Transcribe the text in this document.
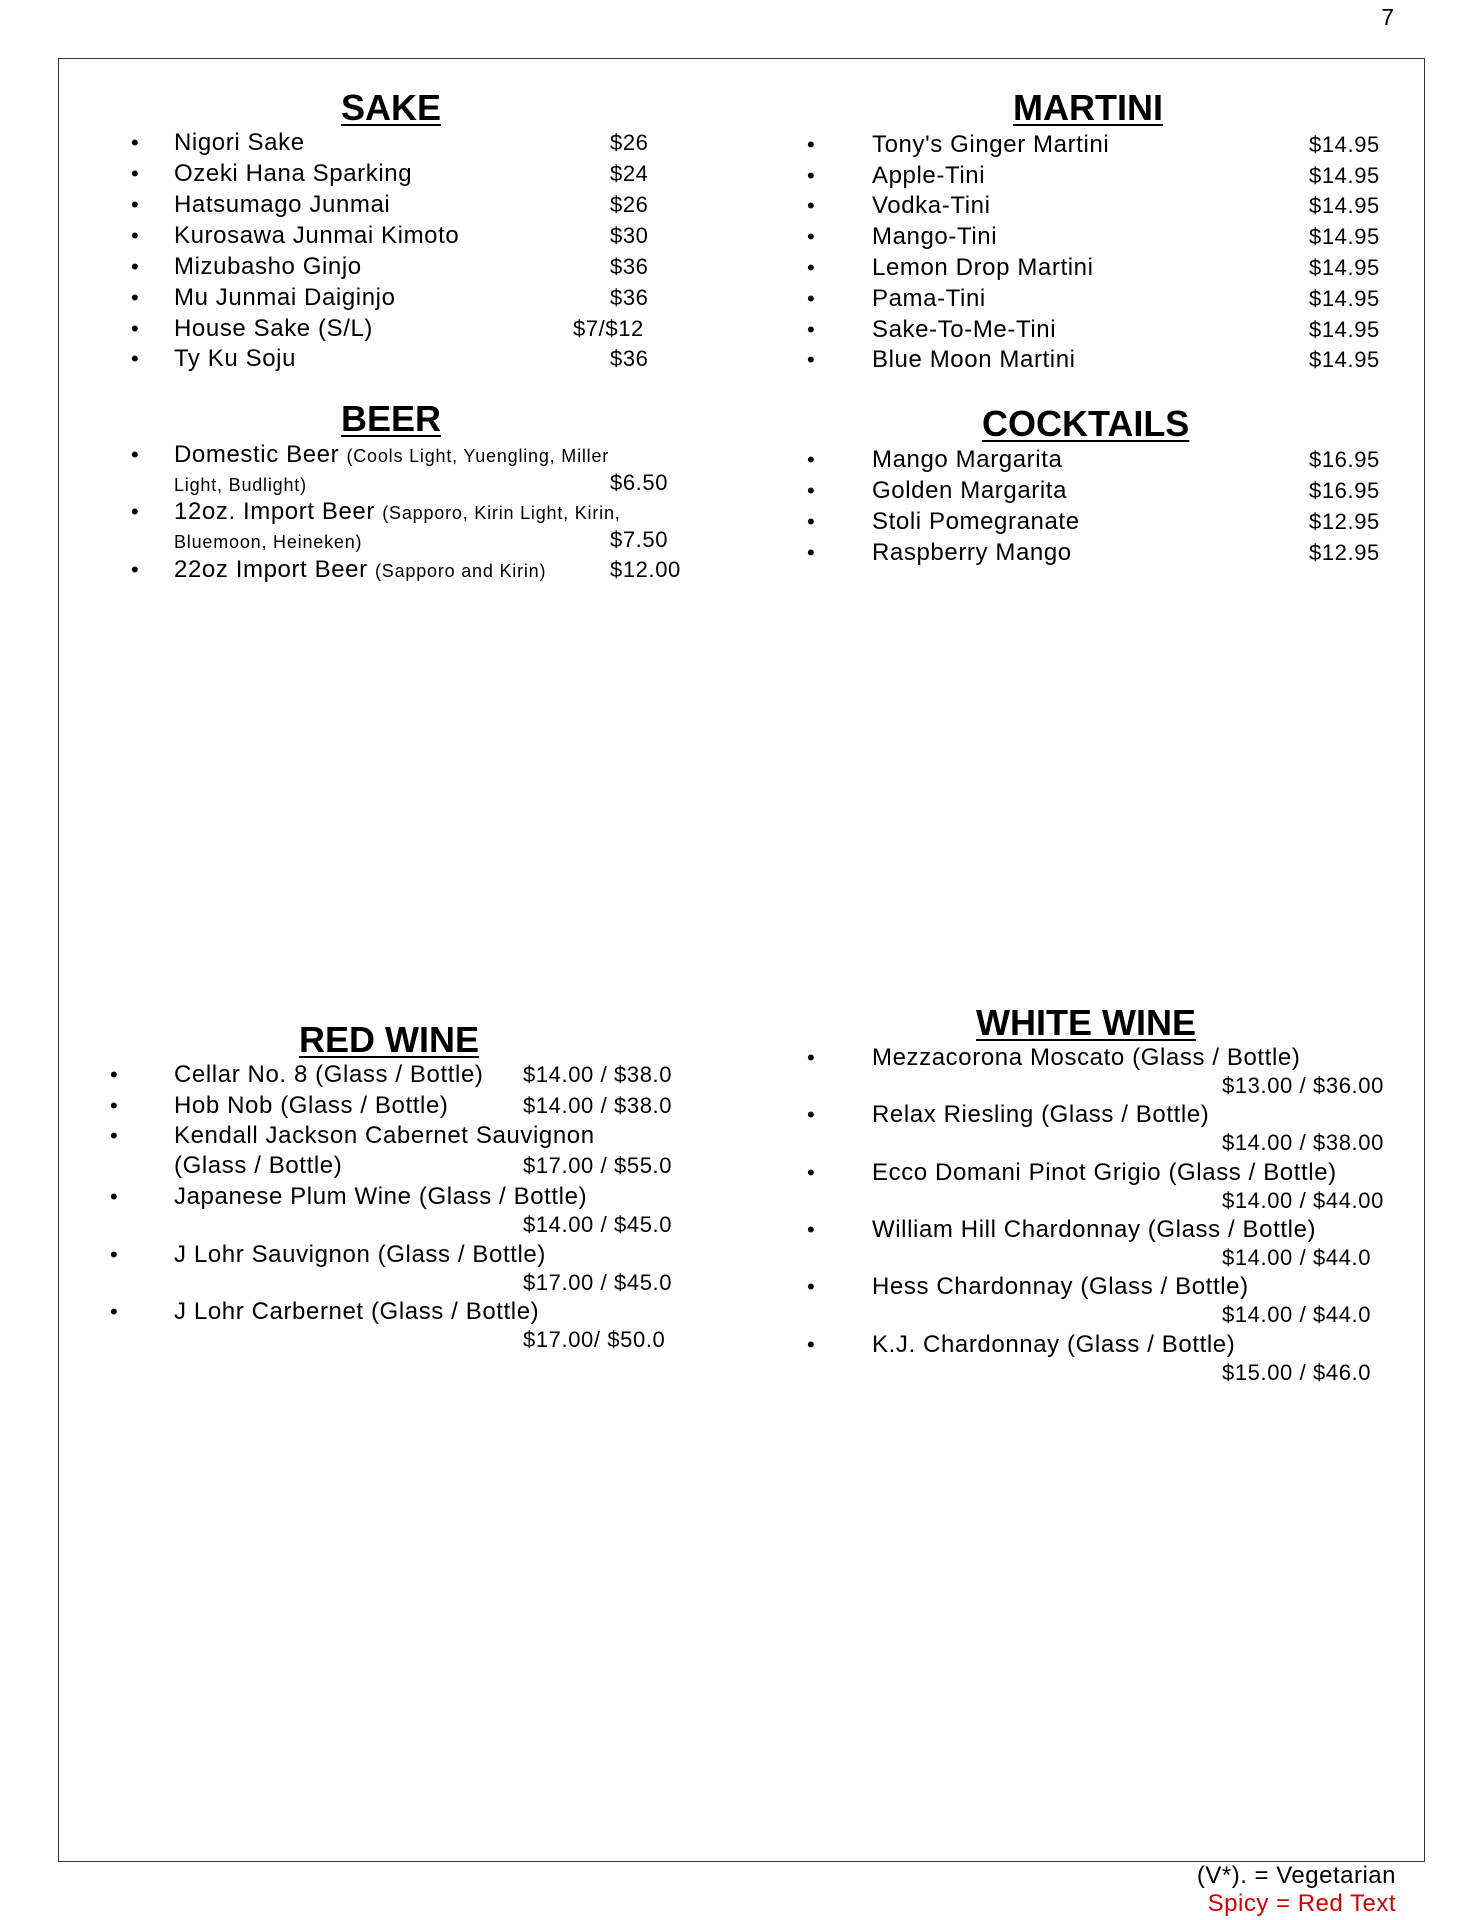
7
SAKE
• Nigori Sake	$26
• Ozeki Hana Sparking	$24
• Hatsumago Junmai	$26
• Kurosawa Junmai Kimoto	$30
• Mizubasho Ginjo	$36
• Mu Junmai Daiginjo	$36
• House Sake (S/L)	$7/$12
• Ty Ku Soju	$36
MARTINI
• Tony's Ginger Martini	$14.95
• Apple-Tini	$14.95
• Vodka-Tini	$14.95
• Mango-Tini	$14.95
• Lemon Drop Martini	$14.95
• Pama-Tini	$14.95
• Sake-To-Me-Tini	$14.95
• Blue Moon Martini	$14.95
BEER
• Domestic Beer (Cools Light, Yuengling, Miller
Light, Budlight)	$6.50
• 12oz. Import Beer (Sapporo, Kirin Light, Kirin,
Bluemoon, Heineken)	$7.50
• 22oz Import Beer (Sapporo and Kirin)	$12.00
COCKTAILS
• Mango Margarita	$16.95
• Golden Margarita	$16.95
• Stoli Pomegranate	$12.95
• Raspberry Mango	$12.95
RED WINE
• Cellar No. 8 (Glass / Bottle) $14.00 / $38.0
• Hob Nob (Glass / Bottle)	$14.00 / $38.0
• Kendall Jackson Cabernet Sauvignon
(Glass / Bottle)	$17.00 / $55.0
• Japanese Plum Wine (Glass / Bottle)
$14.00 / $45.0
• J Lohr Sauvignon (Glass / Bottle)
$17.00 / $45.0
• J Lohr Carbernet (Glass / Bottle)
$17.00/ $50.0
WHITE WINE
• Mezzacorona Moscato (Glass / Bottle)
$13.00 / $36.00
• Relax Riesling (Glass / Bottle)
$14.00 / $38.00
• Ecco Domani Pinot Grigio (Glass / Bottle)
$14.00 / $44.00
• William Hill Chardonnay (Glass / Bottle)
$14.00 / $44.0
• Hess Chardonnay (Glass / Bottle)
$14.00 / $44.0
• K.J. Chardonnay (Glass / Bottle)
$15.00 / $46.0
(V*). = Vegetarian
Spicy = Red Text
